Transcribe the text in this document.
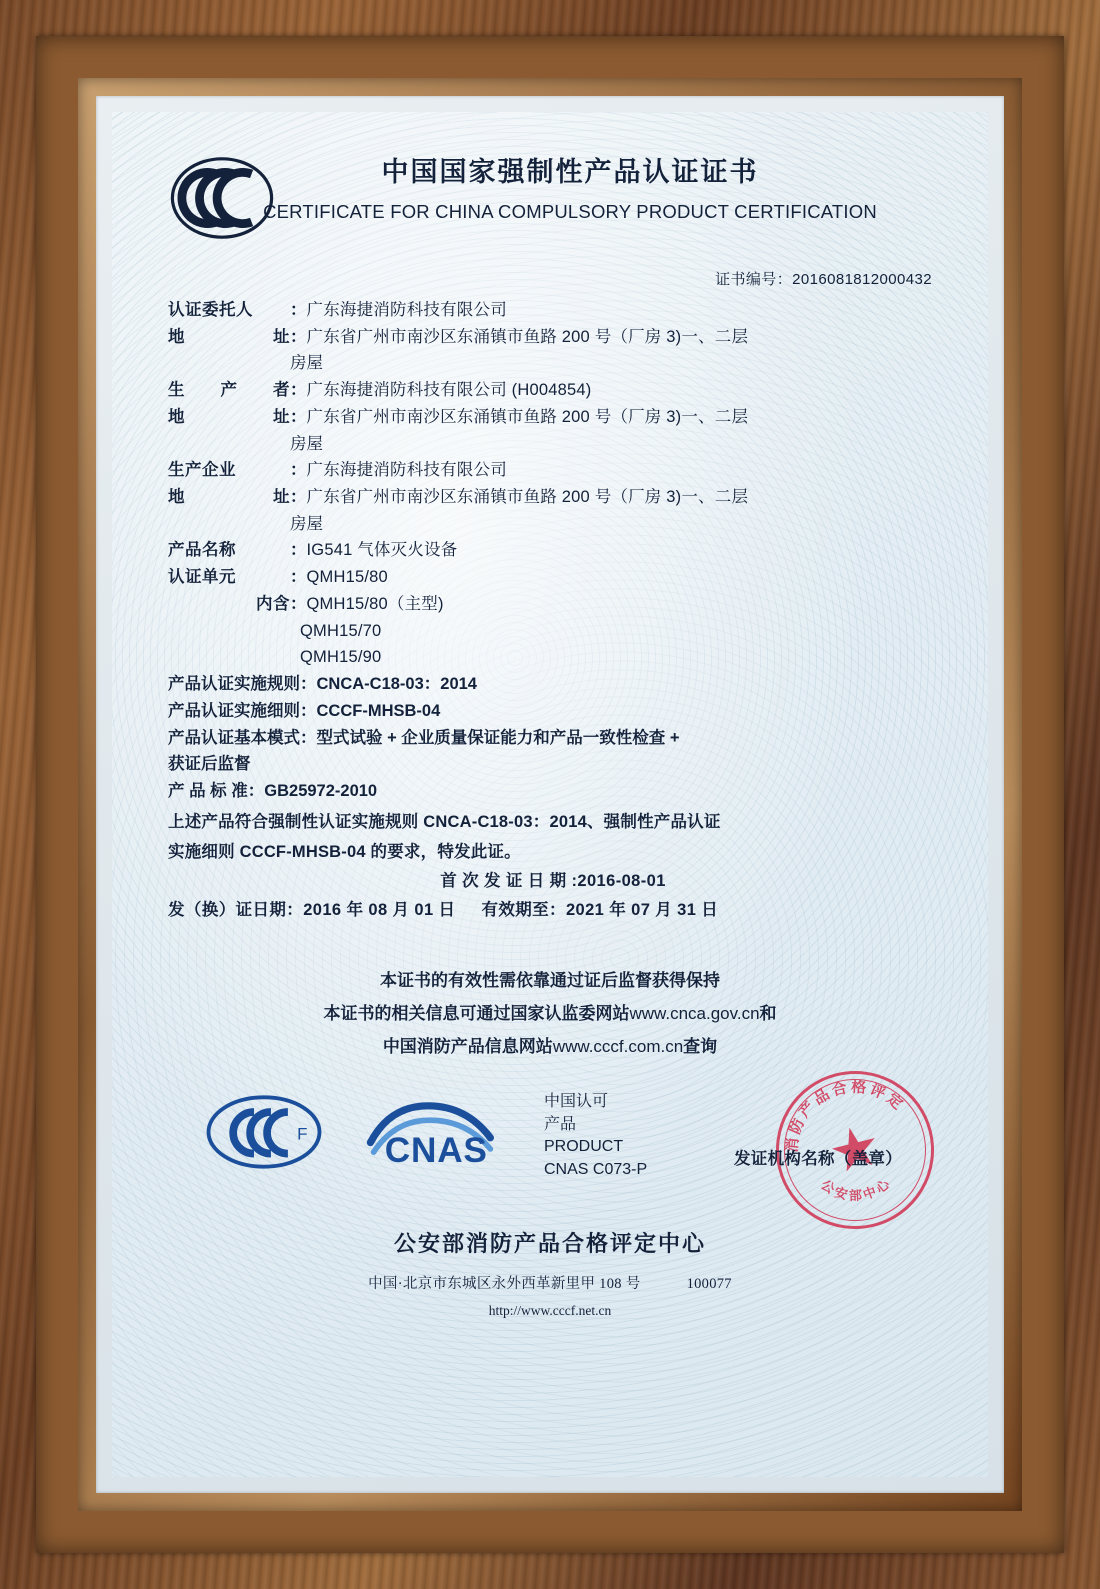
中国国家强制性产品认证证书
CERTIFICATE FOR CHINA COMPULSORY PRODUCT CERTIFICATION
证书编号：2016081812000432
认证委托人 ： 广东海捷消防科技有限公司
地	址 ： 广东省广州市南沙区东涌镇市鱼路 200 号（厂房 3)一、二层
房屋
生 产 者 ： 广东海捷消防科技有限公司 (H004854)
地	址 ： 广东省广州市南沙区东涌镇市鱼路 200 号（厂房 3)一、二层
房屋
生产企业	： 广东海捷消防科技有限公司
地	址 ： 广东省广州市南沙区东涌镇市鱼路 200 号（厂房 3)一、二层
房屋
产品名称	： IG541 气体灭火设备
认证单元	： QMH15/80
内含 ： QMH15/80（主型)
QMH15/70
QMH15/90
产品认证实施规则：CNCA-C18-03：2014
产品认证实施细则：CCCF-MHSB-04
产品认证基本模式：型式试验 + 企业质量保证能力和产品一致性检查 +
获证后监督
产 品 标 准：GB25972-2010
上述产品符合强制性认证实施规则 CNCA-C18-03：2014、强制性产品认证
实施细则 CCCF-MHSB-04 的要求，特发此证。
首 次 发 证 日 期 :2016-08-01
发（换）证日期：2016 年 08 月 01 日 有效期至：2021 年 07 月 31 日
本证书的有效性需依靠通过证后监督获得保持
本证书的相关信息可通过国家认监委网站www.cnca.gov.cn和
中国消防产品信息网站www.cccf.com.cn查询
F CNAS
中国认可
产品
PRODUCT
CNAS C073-P
消防产品合格评定
公安部中心
发证机构名称（盖章）
公安部消防产品合格评定中心
中国·北京市东城区永外西革新里甲 108 号	100077
http://www.cccf.net.cn
